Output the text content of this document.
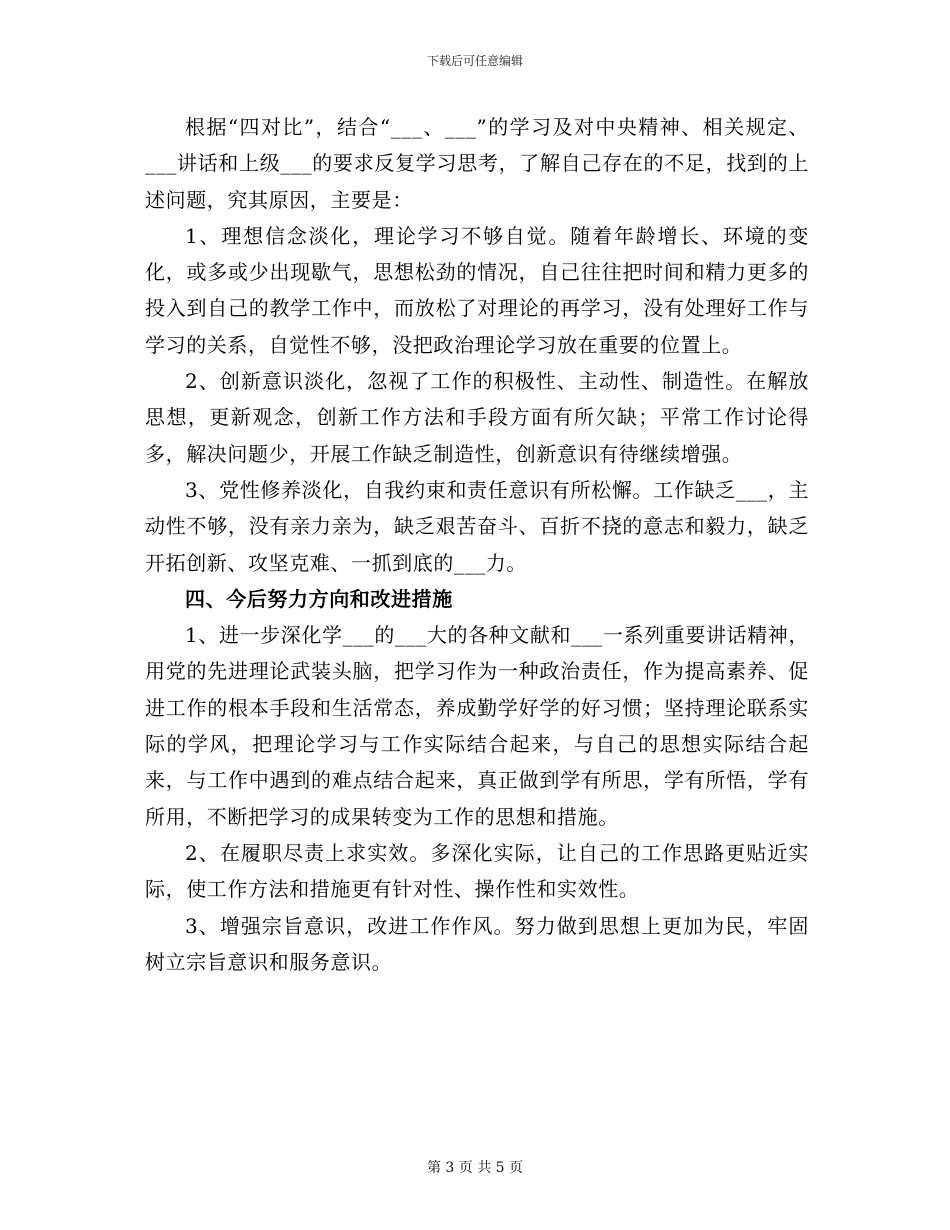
下载后可任意编辑

根据“四对比”，结合“___、___”的学习及对中央精神、相关规定、___讲话和上级___的要求反复学习思考，了解自己存在的不足，找到的上述问题，究其原因，主要是：

1、理想信念淡化，理论学习不够自觉。随着年龄增长、环境的变化，或多或少出现歇气，思想松劲的情况，自己往往把时间和精力更多的投入到自己的教学工作中，而放松了对理论的再学习，没有处理好工作与学习的关系，自觉性不够，没把政治理论学习放在重要的位置上。

2、创新意识淡化，忽视了工作的积极性、主动性、制造性。在解放思想，更新观念，创新工作方法和手段方面有所欠缺；平常工作讨论得多，解决问题少，开展工作缺乏制造性，创新意识有待继续增强。

3、党性修养淡化，自我约束和责任意识有所松懈。工作缺乏___，主动性不够，没有亲力亲为，缺乏艰苦奋斗、百折不挠的意志和毅力，缺乏开拓创新、攻坚克难、一抓到底的___力。

四、今后努力方向和改进措施

1、进一步深化学___的___大的各种文献和___一系列重要讲话精神，用党的先进理论武装头脑，把学习作为一种政治责任，作为提高素养、促进工作的根本手段和生活常态，养成勤学好学的好习惯；坚持理论联系实际的学风，把理论学习与工作实际结合起来，与自己的思想实际结合起来，与工作中遇到的难点结合起来，真正做到学有所思，学有所悟，学有所用，不断把学习的成果转变为工作的思想和措施。

2、在履职尽责上求实效。多深化实际，让自己的工作思路更贴近实际，使工作方法和措施更有针对性、操作性和实效性。

3、增强宗旨意识，改进工作作风。努力做到思想上更加为民，牢固树立宗旨意识和服务意识。

第 3 页 共 5 页
